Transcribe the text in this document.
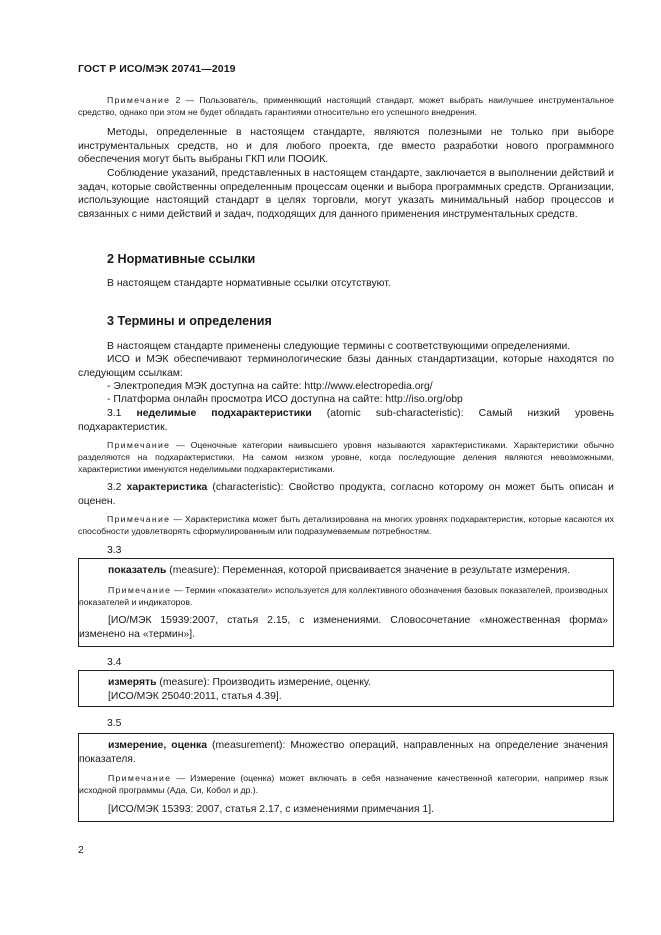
ГОСТ Р ИСО/МЭК 20741—2019
Примечание 2 — Пользователь, применяющий настоящий стандарт, может выбрать наилучшее инструментальное средство, однако при этом не будет обладать гарантиями относительно его успешного внедрения.
Методы, определенные в настоящем стандарте, являются полезными не только при выборе инструментальных средств, но и для любого проекта, где вместо разработки нового программного обеспечения могут быть выбраны ГКП или ПООИК.
Соблюдение указаний, представленных в настоящем стандарте, заключается в выполнении действий и задач, которые свойственны определенным процессам оценки и выбора программных средств. Организации, использующие настоящий стандарт в целях торговли, могут указать минимальный набор процессов и связанных с ними действий и задач, подходящих для данного применения инструментальных средств.
2 Нормативные ссылки
В настоящем стандарте нормативные ссылки отсутствуют.
3 Термины и определения
В настоящем стандарте применены следующие термины с соответствующими определениями.
ИСО и МЭК обеспечивают терминологические базы данных стандартизации, которые находятся по следующим ссылкам:
- Электропедия МЭК доступна на сайте: http://www.electropedia.org/
- Платформа онлайн просмотра ИСО доступна на сайте: http://iso.org/obp
3.1 неделимые подхарактеристики (atomic sub-characteristic): Самый низкий уровень подхарактеристик.
Примечание — Оценочные категории наивысшего уровня называются характеристиками. Характеристики обычно разделяются на подхарактеристики. На самом низком уровне, когда последующие деления являются невозможными, характеристики именуются неделимыми подхарактеристиками.
3.2 характеристика (characteristic): Свойство продукта, согласно которому он может быть описан и оценен.
Примечание — Характеристика может быть детализирована на многих уровнях подхарактеристик, которые касаются их способности удовлетворять сформулированным или подразумеваемым потребностям.
3.3
показатель (measure): Переменная, которой присваивается значение в результате измерения.
Примечание — Термин «показатели» используется для коллективного обозначения базовых показателей, производных показателей и индикаторов.
[ИО/МЭК 15939:2007, статья 2.15, с изменениями. Словосочетание «множественная форма» изменено на «термин»].
3.4
измерять (measure): Производить измерение, оценку.
[ИСО/МЭК 25040:2011, статья 4.39].
3.5
измерение, оценка (measurement): Множество операций, направленных на определение значения показателя.
Примечание — Измерение (оценка) может включать в себя назначение качественной категории, например язык исходной программы (Ада, Си, Кобол и др.).
[ИСО/МЭК 15393: 2007, статья 2.17, с изменениями примечания 1].
2
